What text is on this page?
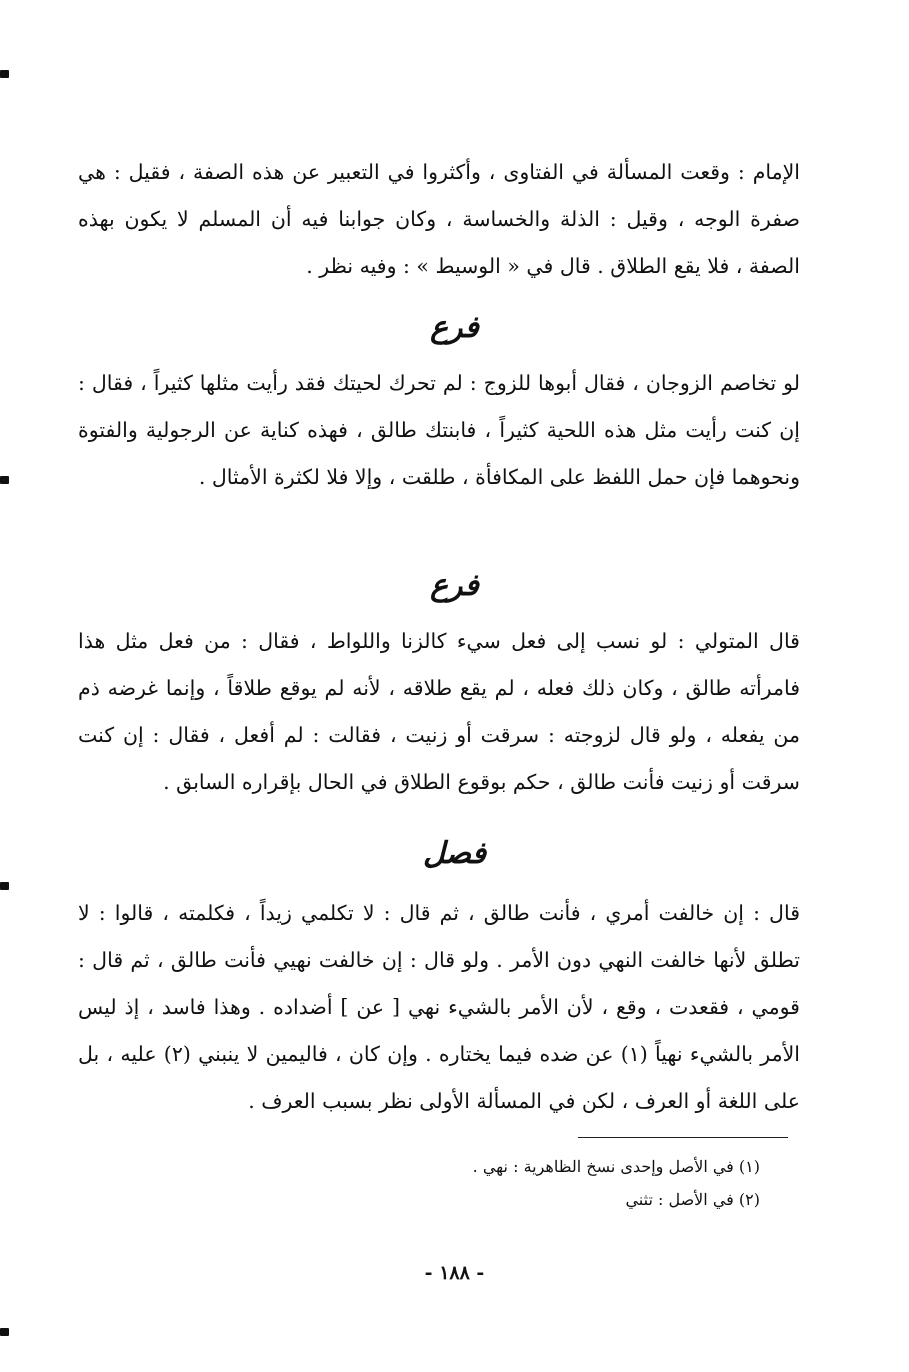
الإمام : وقعت المسألة في الفتاوى ، وأكثروا في التعبير عن هذه الصفة ، فقيل : هي صفرة الوجه ، وقيل : الذلة والخساسة ، وكان جوابنا فيه أن المسلم لا يكون بهذه الصفة ، فلا يقع الطلاق . قال في « الوسيط » : وفيه نظر .

فرع

لو تخاصم الزوجان ، فقال أبوها للزوج : لم تحرك لحيتك فقد رأيت مثلها كثيراً ، فقال : إن كنت رأيت مثل هذه اللحية كثيراً ، فابنتك طالق ، فهذه كناية عن الرجولية والفتوة ونحوهما فإن حمل اللفظ على المكافأة ، طلقت ، وإلا فلا لكثرة الأمثال .

فرع

قال المتولي : لو نسب إلى فعل سيء كالزنا واللواط ، فقال : من فعل مثل هذا فامرأته طالق ، وكان ذلك فعله ، لم يقع طلاقه ، لأنه لم يوقع طلاقاً ، وإنما غرضه ذم من يفعله ، ولو قال لزوجته : سرقت أو زنيت ، فقالت : لم أفعل ، فقال : إن كنت سرقت أو زنيت فأنت طالق ، حكم بوقوع الطلاق في الحال بإقراره السابق .

فصل

قال : إن خالفت أمري ، فأنت طالق ، ثم قال : لا تكلمي زيداً ، فكلمته ، قالوا : لا تطلق لأنها خالفت النهي دون الأمر . ولو قال : إن خالفت نهيي فأنت طالق ، ثم قال : قومي ، فقعدت ، وقع ، لأن الأمر بالشيء نهي [ عن ] أضداده . وهذا فاسد ، إذ ليس الأمر بالشيء نهياً (١) عن ضده فيما يختاره . وإن كان ، فاليمين لا ينبني (٢) عليه ، بل على اللغة أو العرف ، لكن في المسألة الأولى نظر بسبب العرف .

(١) في الأصل وإحدى نسخ الظاهرية : نهي .

(٢) في الأصل : تثني

- ١٨٨ -
